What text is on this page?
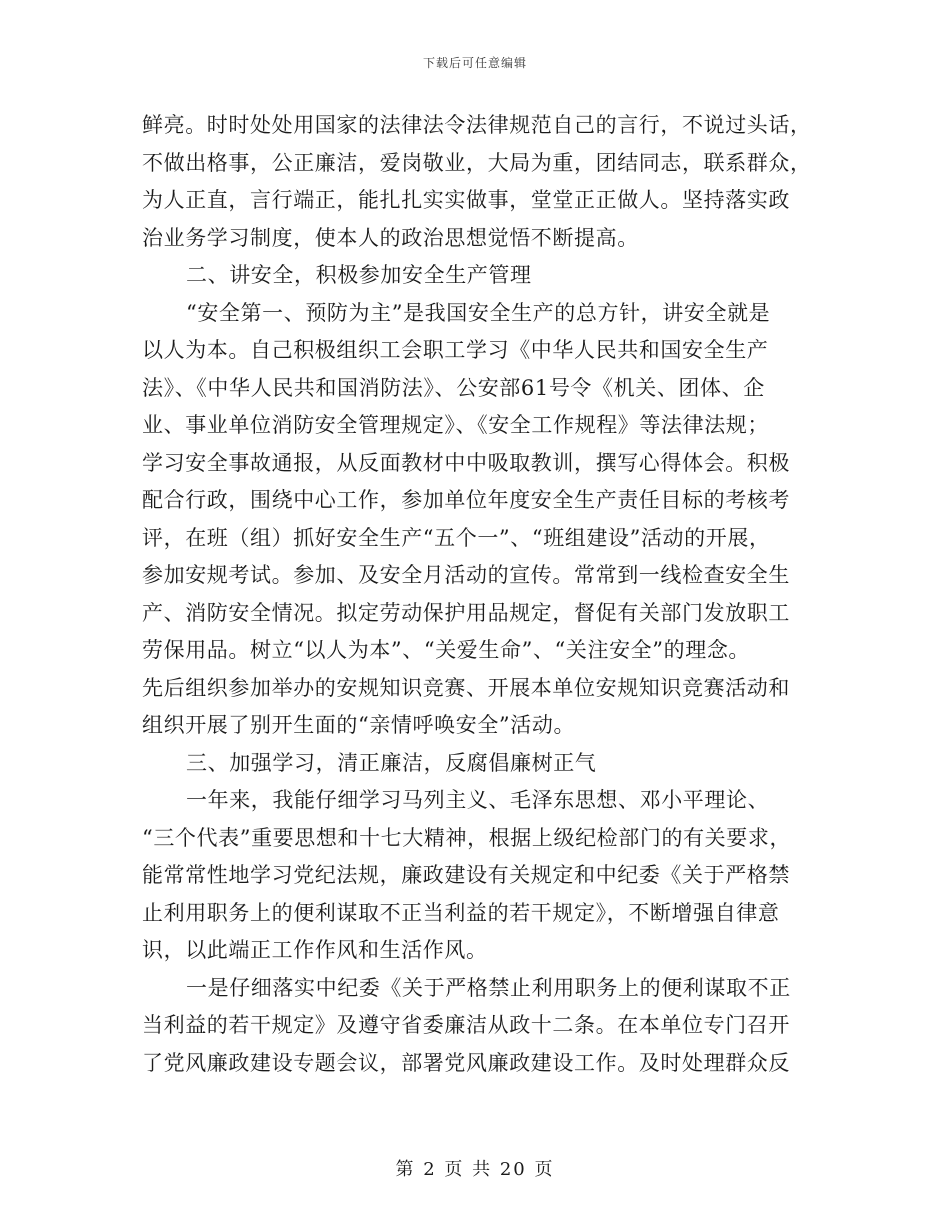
下载后可任意编辑
鲜亮。时时处处用国家的法律法令法律规范自己的言行，不说过头话，
不做出格事，公正廉洁，爱岗敬业，大局为重，团结同志，联系群众，
为人正直，言行端正，能扎扎实实做事，堂堂正正做人。坚持落实政
治业务学习制度，使本人的政治思想觉悟不断提高。
二、讲安全，积极参加安全生产管理
“安全第一、预防为主”是我国安全生产的总方针，讲安全就是
以人为本。自己积极组织工会职工学习《中华人民共和国安全生产
法》、《中华人民共和国消防法》、公安部61号令《机关、团体、企
业、事业单位消防安全管理规定》、《安全工作规程》等法律法规；
学习安全事故通报，从反面教材中中吸取教训，撰写心得体会。积极
配合行政，围绕中心工作，参加单位年度安全生产责任目标的考核考
评，在班（组）抓好安全生产“五个一”、“班组建设”活动的开展，
参加安规考试。参加、及安全月活动的宣传。常常到一线检查安全生
产、消防安全情况。拟定劳动保护用品规定，督促有关部门发放职工
劳保用品。树立“以人为本”、“关爱生命”、“关注安全”的理念。
先后组织参加举办的安规知识竞赛、开展本单位安规知识竞赛活动和
组织开展了别开生面的“亲情呼唤安全”活动。
三、加强学习，清正廉洁，反腐倡廉树正气
一年来，我能仔细学习马列主义、毛泽东思想、邓小平理论、
“三个代表”重要思想和十七大精神，根据上级纪检部门的有关要求，
能常常性地学习党纪法规，廉政建设有关规定和中纪委《关于严格禁
止利用职务上的便利谋取不正当利益的若干规定》，不断增强自律意
识，以此端正工作作风和生活作风。
一是仔细落实中纪委《关于严格禁止利用职务上的便利谋取不正
当利益的若干规定》及遵守省委廉洁从政十二条。在本单位专门召开
了党风廉政建设专题会议，部署党风廉政建设工作。及时处理群众反
第 2 页 共 20 页
